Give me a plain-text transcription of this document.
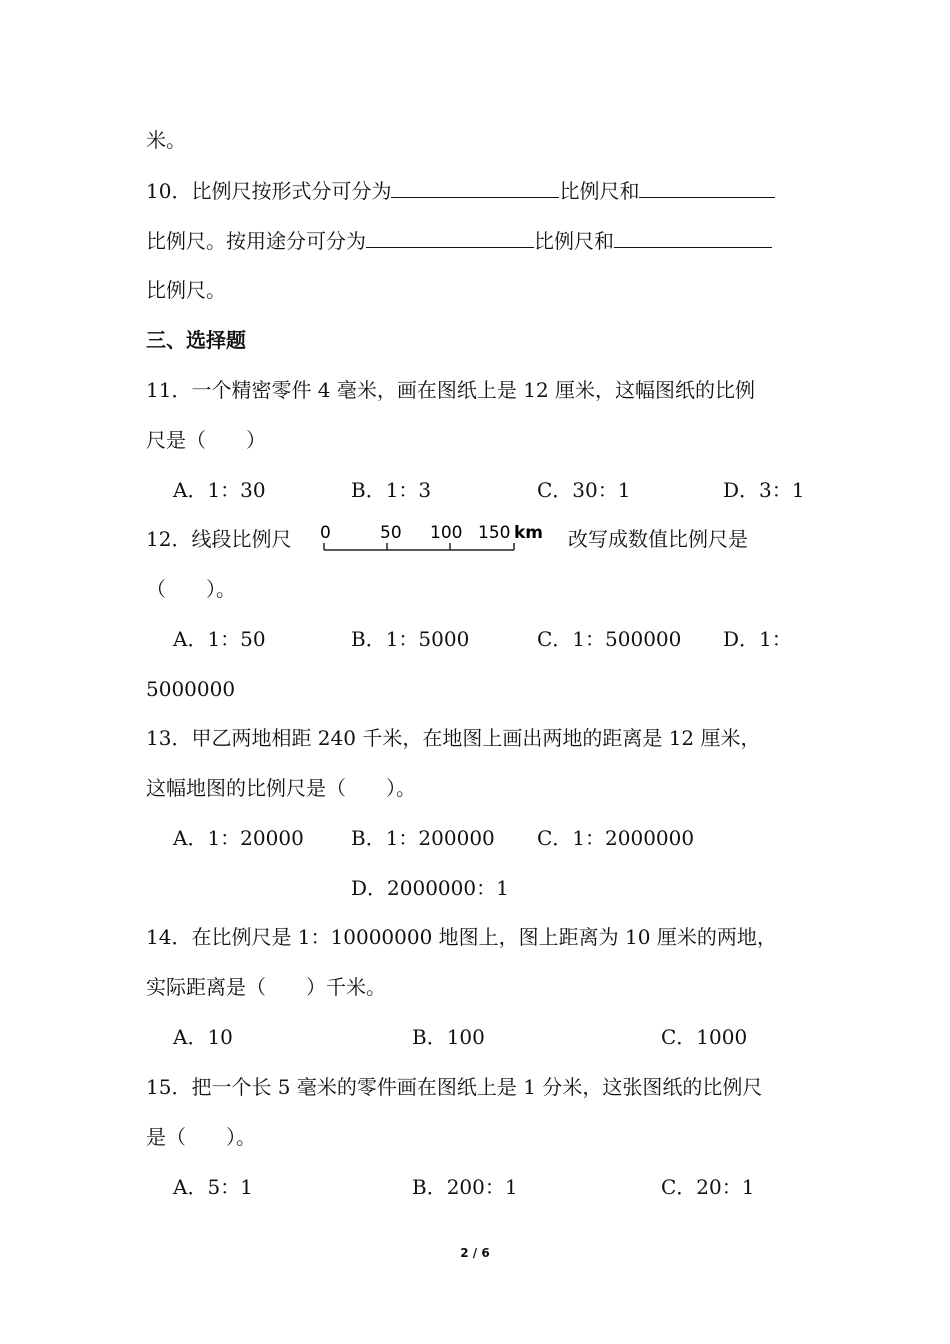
米。
10．比例尺按形式分可分为	比例尺和
比例尺。按用途分可分为	比例尺和
比例尺。
三、选择题
11．一个精密零件 4 毫米，画在图纸上是 12 厘米，这幅图纸的比例
尺是（　　）
A．1：30	B．1：3	C．30：1	D．3：1
12．线段比例尺 0	50 100 150 km 改写成数值比例尺是
（　　）。
A．1：50	B．1：5000	C．1：500000 D．1：
5000000
13．甲乙两地相距 240 千米，在地图上画出两地的距离是 12 厘米，
这幅地图的比例尺是（　　）。
A．1：20000 B．1：200000 C．1：2000000
D．2000000：1
14．在比例尺是 1：10000000 地图上，图上距离为 10 厘米的两地，
实际距离是（　　）千米。
A．10	B．100	C．1000
15．把一个长 5 毫米的零件画在图纸上是 1 分米，这张图纸的比例尺
是（　　）。
A．5：1	B．200：1	C．20：1
2 / 6
